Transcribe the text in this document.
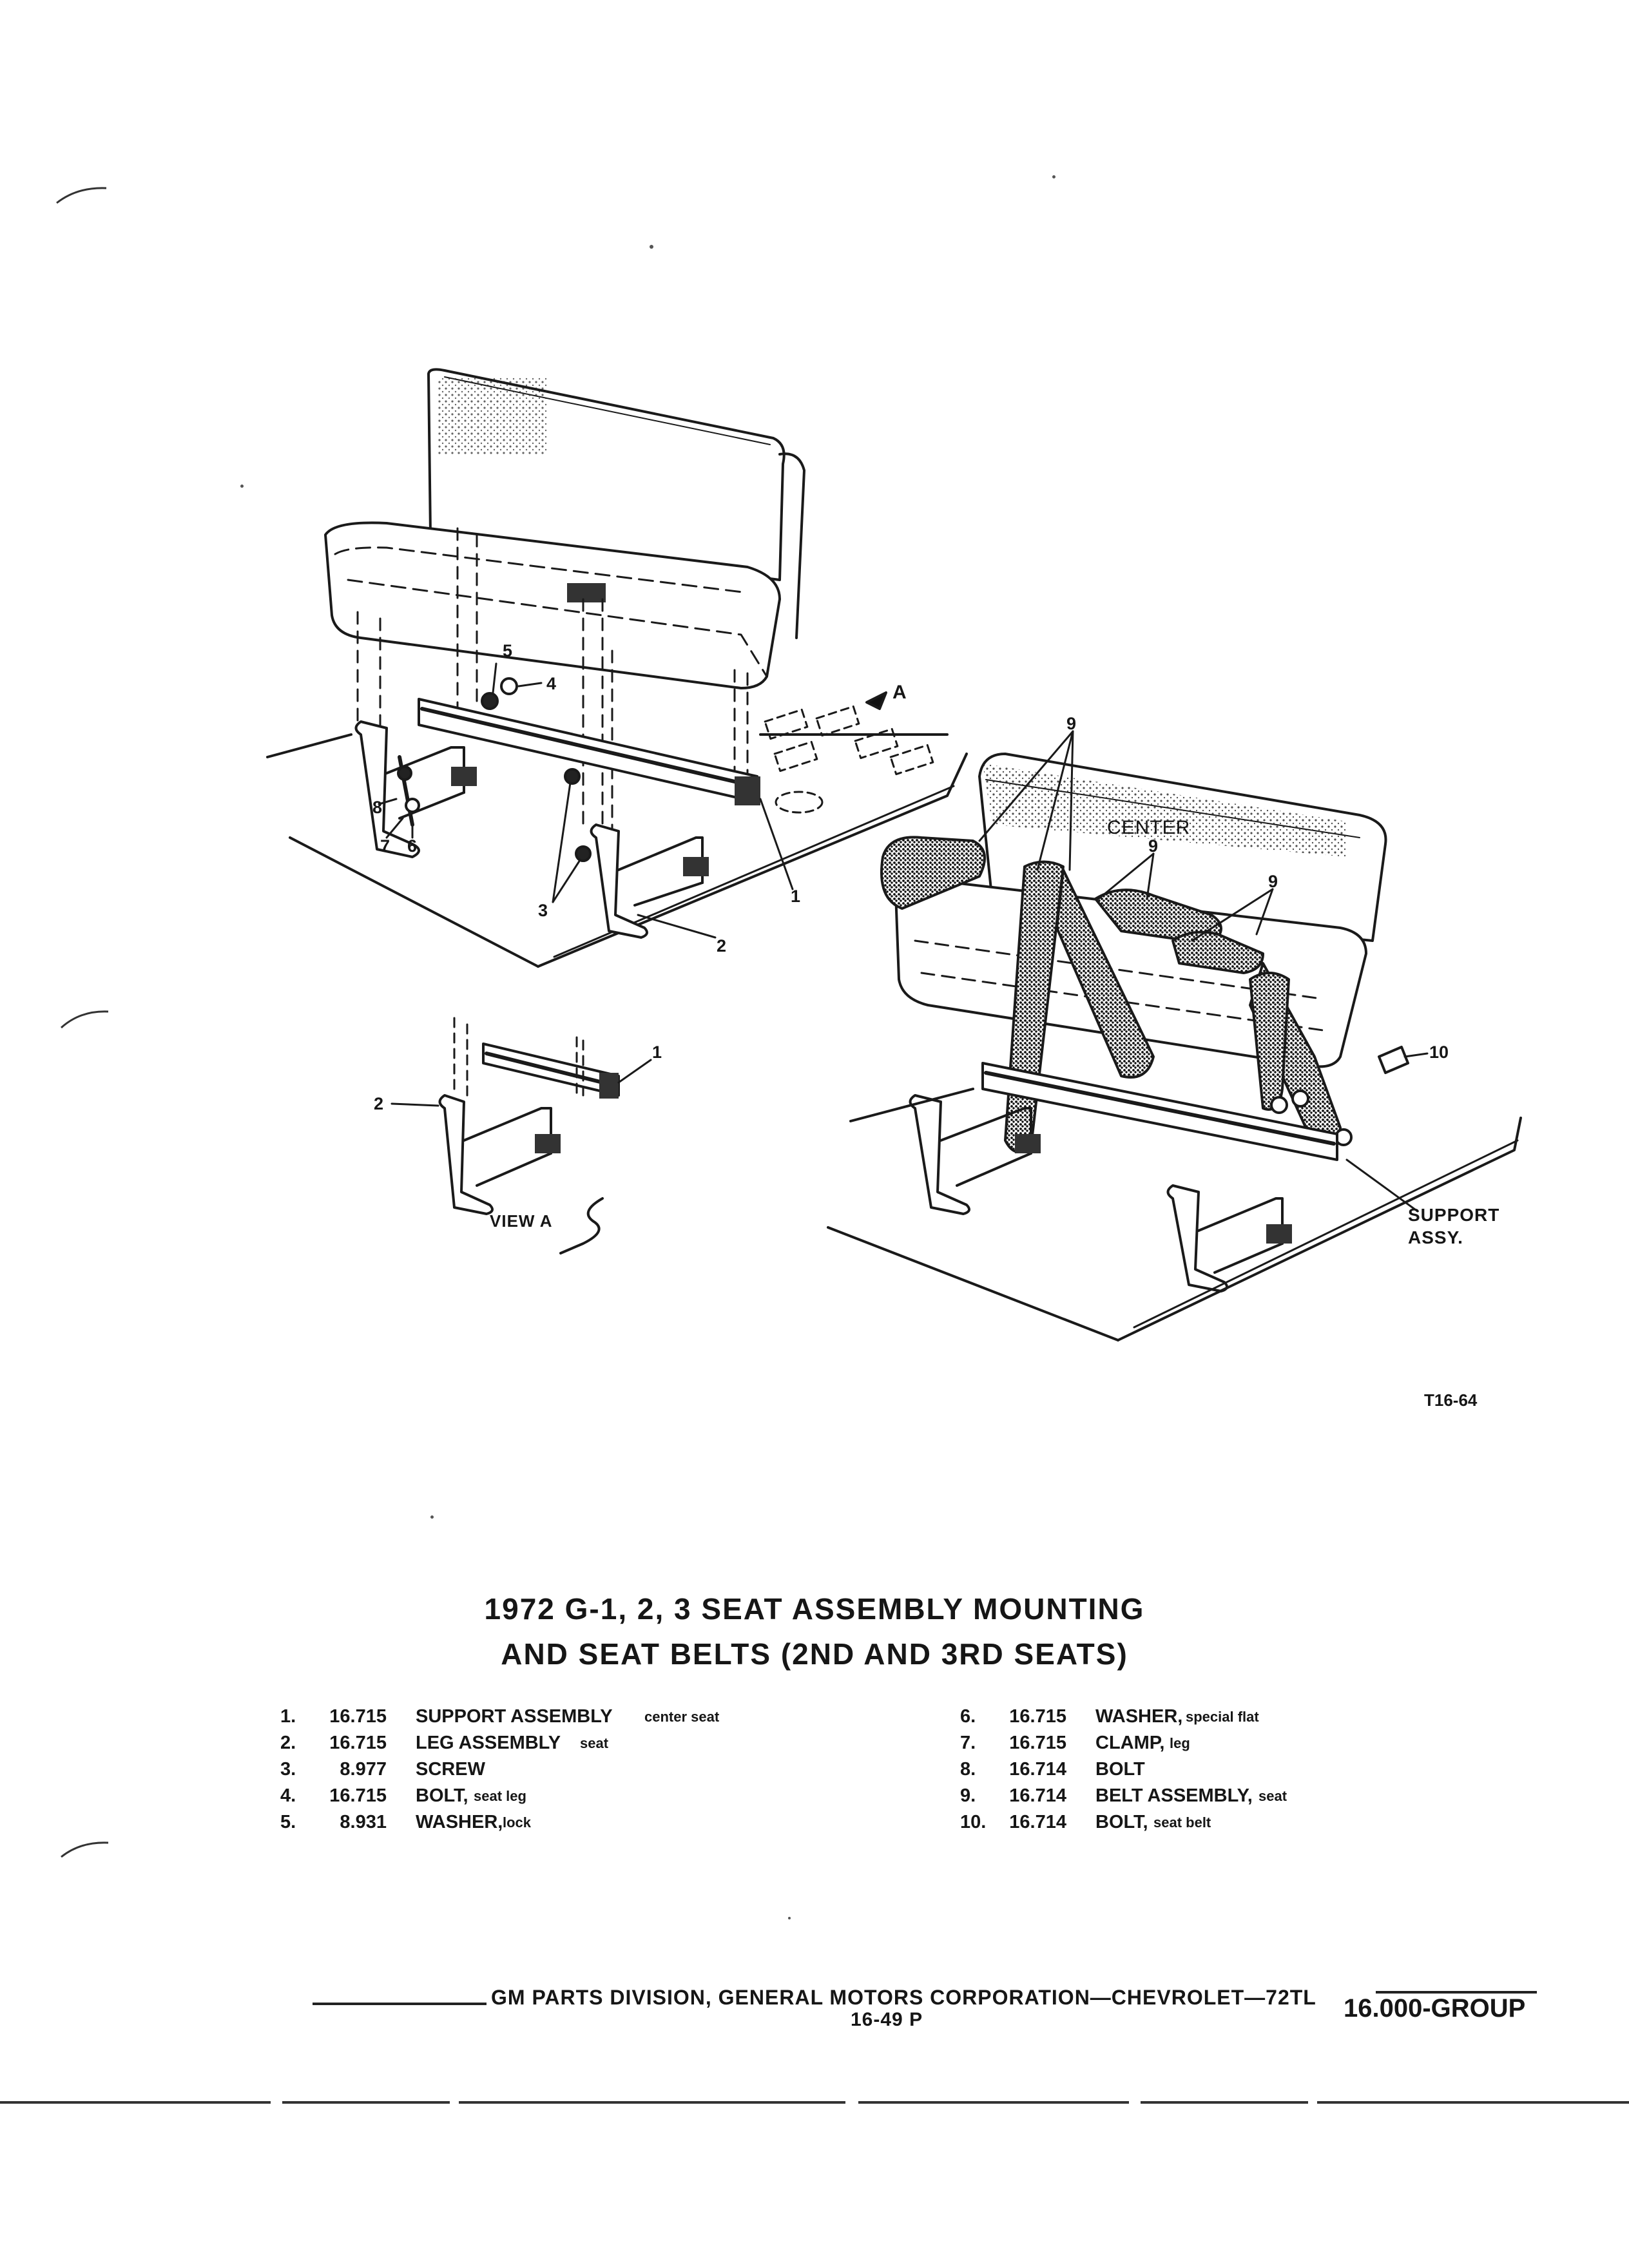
5
4
8
7 6
3
1
2
A
1
2
VIEW A
9
9
9
10
CENTER
SUPPORT
ASSY.
T16-64
1972 G-1, 2, 3 SEAT ASSEMBLY MOUNTING
AND SEAT BELTS (2ND AND 3RD SEATS)
1.	16.715 SUPPORT ASSEMBLY center seat
2.	16.715 LEG ASSEMBLY seat
3.	8.977 SCREW
4.	16.715 BOLT, seat leg
5.	8.931 WASHER, lock
6.	16.715 WASHER, special flat
7.	16.715 CLAMP, leg
8.	16.714 BOLT
9.	16.714 BELT ASSEMBLY, seat
10.	16.714 BOLT, seat belt
GM PARTS DIVISION, GENERAL MOTORS CORPORATION—CHEVROLET—72TL
16-49 P	16.000-GROUP
